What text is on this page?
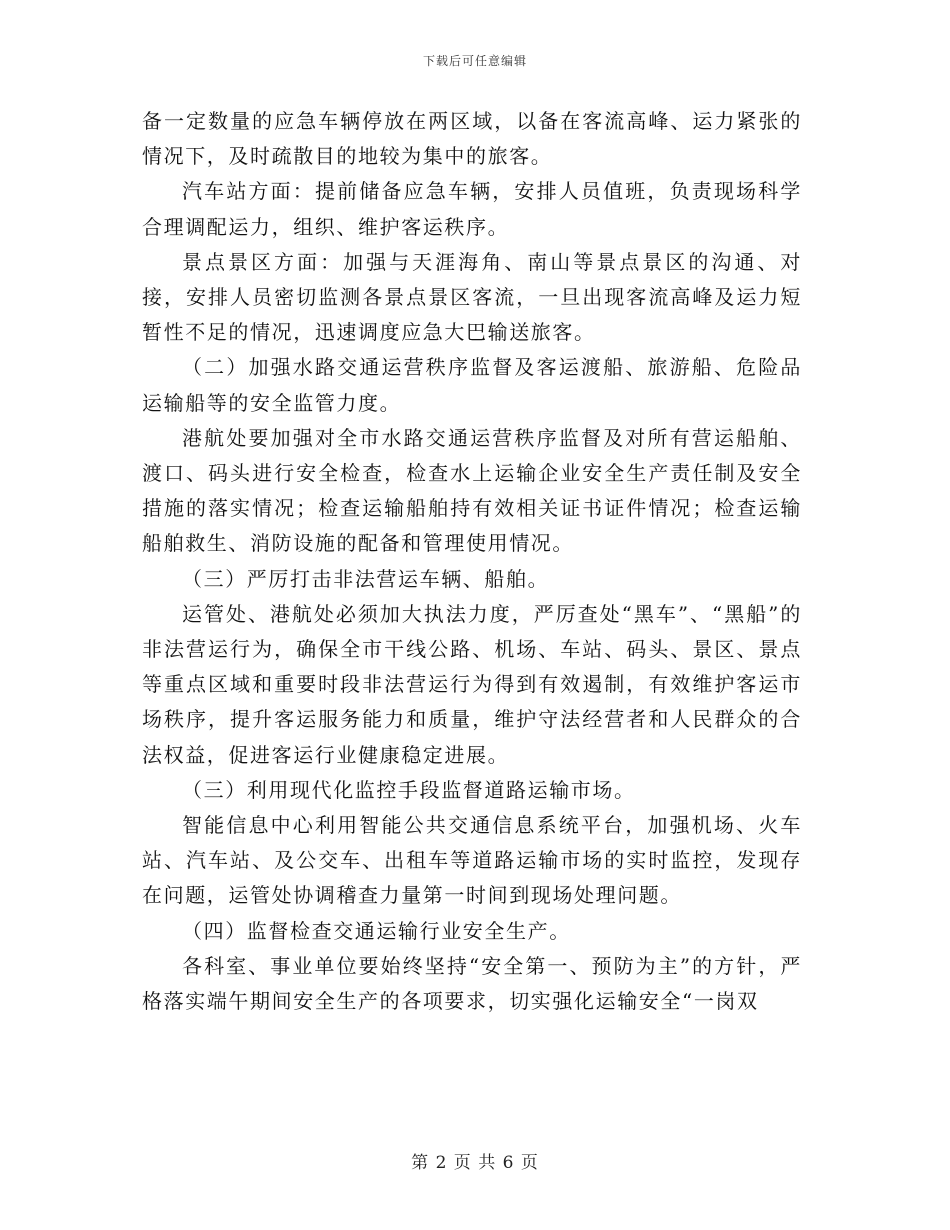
下载后可任意编辑

备一定数量的应急车辆停放在两区域，以备在客流高峰、运力紧张的情况下，及时疏散目的地较为集中的旅客。

汽车站方面：提前储备应急车辆，安排人员值班，负责现场科学合理调配运力，组织、维护客运秩序。

景点景区方面：加强与天涯海角、南山等景点景区的沟通、对接，安排人员密切监测各景点景区客流，一旦出现客流高峰及运力短暂性不足的情况，迅速调度应急大巴输送旅客。

（二）加强水路交通运营秩序监督及客运渡船、旅游船、危险品运输船等的安全监管力度。

港航处要加强对全市水路交通运营秩序监督及对所有营运船舶、渡口、码头进行安全检查，检查水上运输企业安全生产责任制及安全措施的落实情况；检查运输船舶持有效相关证书证件情况；检查运输船舶救生、消防设施的配备和管理使用情况。

（三）严厉打击非法营运车辆、船舶。

运管处、港航处必须加大执法力度，严厉查处“黑车”、“黑船”的非法营运行为，确保全市干线公路、机场、车站、码头、景区、景点等重点区域和重要时段非法营运行为得到有效遏制，有效维护客运市场秩序，提升客运服务能力和质量，维护守法经营者和人民群众的合法权益，促进客运行业健康稳定进展。

（三）利用现代化监控手段监督道路运输市场。

智能信息中心利用智能公共交通信息系统平台，加强机场、火车站、汽车站、及公交车、出租车等道路运输市场的实时监控，发现存在问题，运管处协调稽查力量第一时间到现场处理问题。

（四）监督检查交通运输行业安全生产。

各科室、事业单位要始终坚持“安全第一、预防为主”的方针，严格落实端午期间安全生产的各项要求，切实强化运输安全“一岗双

第 2 页 共 6 页
